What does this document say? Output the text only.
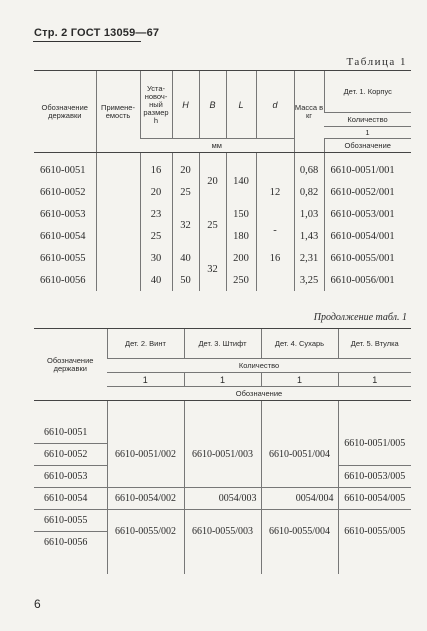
Стр. 2 ГОСТ 13059—67
Таблица 1
Обозначение державки	Примене- емость	Уста- новоч- ный размер h	H	B	L	d	Масса в кг	Дет. 1. Корпус
								Количество
								1
		мм						Обозначение
6610-0051		16	20	20	140	12	0,68	6610-0051/001
6610-0052		20	25				0,82	6610-0052/001
6610-0053		23	32	25	150		1,03	6610-0053/001
6610-0054		25			180	-	1,43	6610-0054/001
6610-0055		30	40	32	200	16	2,31	6610-0055/001
6610-0056		40	50		250		3,25	6610-0056/001
Продолжение табл. 1
Обозначение державки	Дет. 2. Винт	Дет. 3. Штифт	Дет. 4. Сухарь	Дет. 5. Втулка
	Количество			
	1	1	1	1
	Обозначение			

6610-0051	6610-0051/002	6610-0051/003	6610-0051/004	6610-0051/005
6610-0052				
6610-0053				6610-0053/005
6610-0054	6610-0054/002	0054/003	0054/004	6610-0054/005
6610-0055	6610-0055/002	6610-0055/003	6610-0055/004	6610-0055/005
6610-0056				

6
